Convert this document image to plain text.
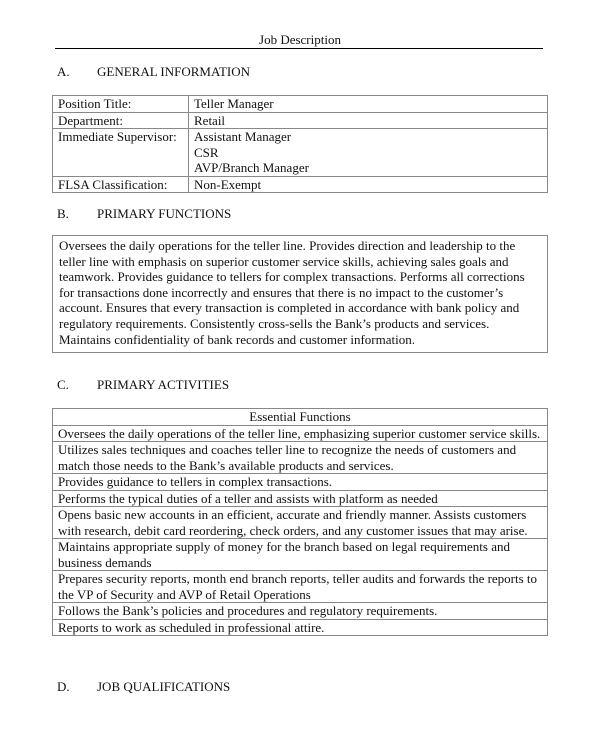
Job Description
A. GENERAL INFORMATION
Position Title:	Teller Manager
Department:	Retail
Immediate Supervisor:	Assistant Manager
CSR
AVP/Branch Manager

FLSA Classification:	Non-Exempt
B. PRIMARY FUNCTIONS
Oversees the daily operations for the teller line. Provides direction and leadership to the teller line with emphasis on superior customer service skills, achieving sales goals and teamwork. Provides guidance to tellers for complex transactions. Performs all corrections for transactions done incorrectly and ensures that there is no impact to the customer’s account. Ensures that every transaction is completed in accordance with bank policy and regulatory requirements. Consistently cross-sells the Bank’s products and services. Maintains confidentiality of bank records and customer information.
C. PRIMARY ACTIVITIES
Essential Functions
Oversees the daily operations of the teller line, emphasizing superior customer service skills.
Utilizes sales techniques and coaches teller line to recognize the needs of customers and match those needs to the Bank’s available products and services.
Provides guidance to tellers in complex transactions.
Performs the typical duties of a teller and assists with platform as needed
Opens basic new accounts in an efficient, accurate and friendly manner. Assists customers with research, debit card reordering, check orders, and any customer issues that may arise.
Maintains appropriate supply of money for the branch based on legal requirements and business demands
Prepares security reports, month end branch reports, teller audits and forwards the reports to the VP of Security and AVP of Retail Operations
Follows the Bank’s policies and procedures and regulatory requirements.
Reports to work as scheduled in professional attire.
D. JOB QUALIFICATIONS
